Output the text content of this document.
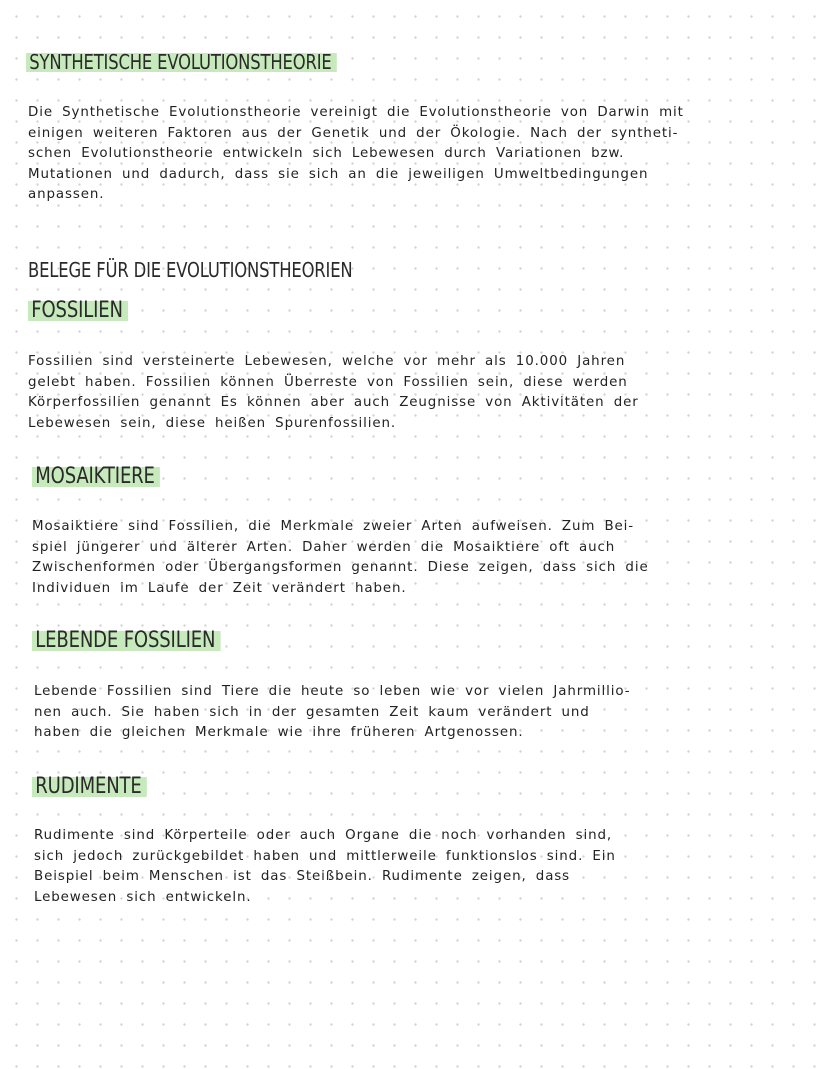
SYNTHETISCHE EVOLUTIONSTHEORIE
Die Synthetische Evolutionstheorie vereinigt die Evolutionstheorie von Darwin mit
einigen weiteren Faktoren aus der Genetik und der Ökologie. Nach der syntheti-
schen Evolutionstheorie entwickeln sich Lebewesen durch Variationen bzw.
Mutationen und dadurch, dass sie sich an die jeweiligen Umweltbedingungen
anpassen.
BELEGE FÜR DIE EVOLUTIONSTHEORIEN
FOSSILIEN
Fossilien sind versteinerte Lebewesen, welche vor mehr als 10.000 Jahren
gelebt haben. Fossilien können Überreste von Fossilien sein, diese werden
Körperfossilien genannt Es können aber auch Zeugnisse von Aktivitäten der
Lebewesen sein, diese heißen Spurenfossilien.
MOSAIKTIERE
Mosaiktiere sind Fossilien, die Merkmale zweier Arten aufweisen. Zum Bei-
spiel jüngerer und älterer Arten. Daher werden die Mosaiktiere oft auch
Zwischenformen oder Übergangsformen genannt. Diese zeigen, dass sich die
Individuen im Laufe der Zeit verändert haben.
LEBENDE FOSSILIEN
Lebende Fossilien sind Tiere die heute so leben wie vor vielen Jahrmillio-
nen auch. Sie haben sich in der gesamten Zeit kaum verändert und
haben die gleichen Merkmale wie ihre früheren Artgenossen.
RUDIMENTE
Rudimente sind Körperteile oder auch Organe die noch vorhanden sind,
sich jedoch zurückgebildet haben und mittlerweile funktionslos sind. Ein
Beispiel beim Menschen ist das Steißbein. Rudimente zeigen, dass
Lebewesen sich entwickeln.
